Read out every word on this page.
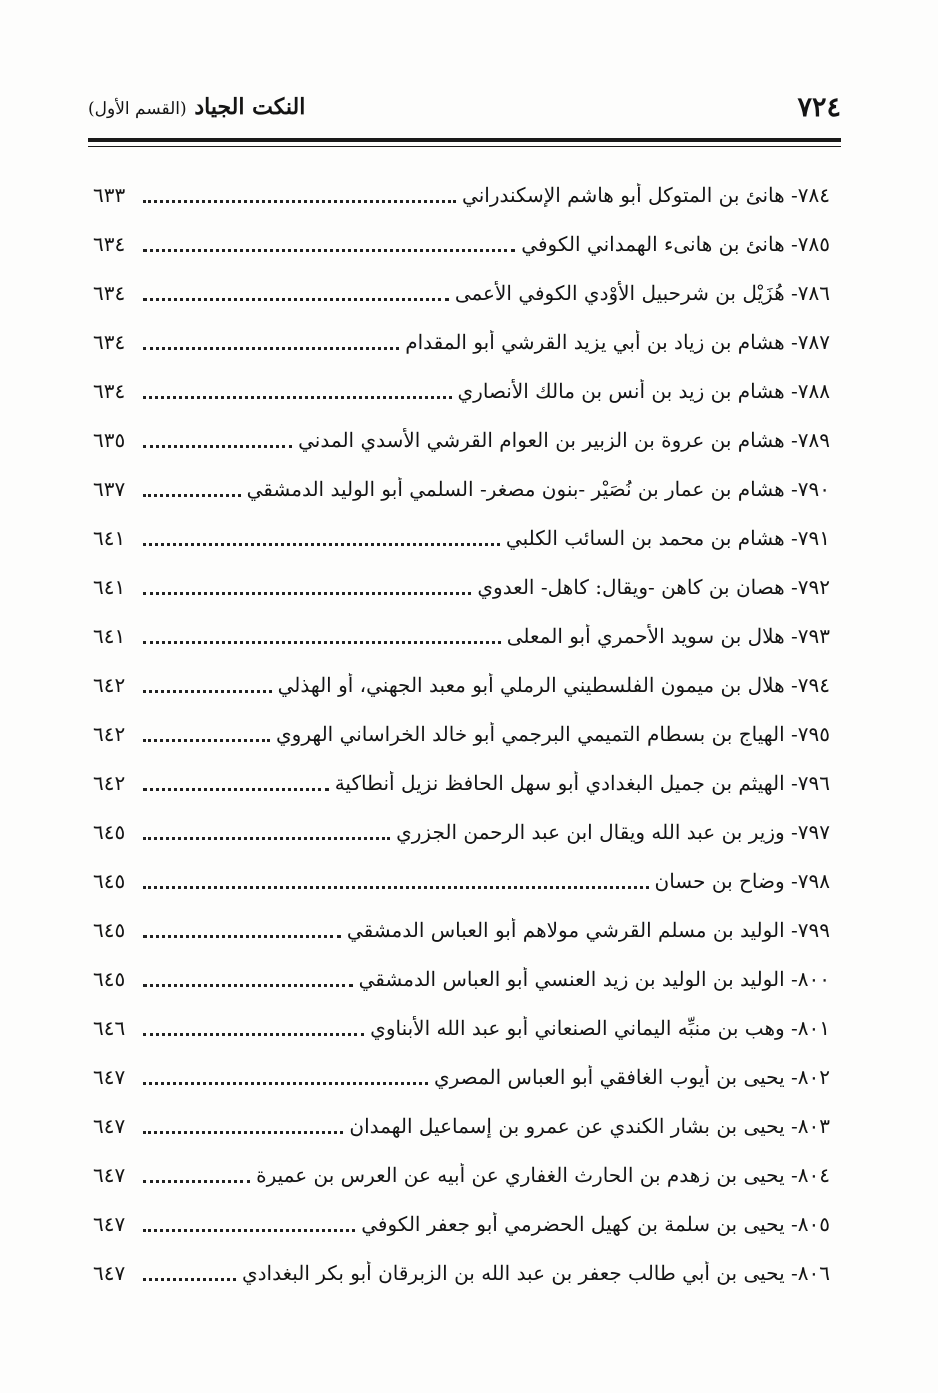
٧٢٤
النكت الجياد (القسم الأول)
٧٨٤- هانئ بن المتوكل أبو هاشم الإسكندراني
٦٣٣
٧٨٥- هانئ بن هانىء الهمداني الكوفي
٦٣٤
٧٨٦- هُزَيْل بن شرحبيل الأَوْدي الكوفي الأعمى
٦٣٤
٧٨٧- هشام بن زياد بن أبي يزيد القرشي أبو المقدام
٦٣٤
٧٨٨- هشام بن زيد بن أنس بن مالك الأنصاري
٦٣٤
٧٨٩- هشام بن عروة بن الزبير بن العوام القرشي الأسدي المدني
٦٣٥
٧٩٠- هشام بن عمار بن نُصَيْر -بنون مصغر- السلمي أبو الوليد الدمشقي
٦٣٧
٧٩١- هشام بن محمد بن السائب الكلبي
٦٤١
٧٩٢- هصان بن كاهن -ويقال: كاهل- العدوي
٦٤١
٧٩٣- هلال بن سويد الأحمري أبو المعلى
٦٤١
٧٩٤- هلال بن ميمون الفلسطيني الرملي أبو معبد الجهني، أو الهذلي
٦٤٢
٧٩٥- الهياج بن بسطام التميمي البرجمي أبو خالد الخراساني الهروي
٦٤٢
٧٩٦- الهيثم بن جميل البغدادي أبو سهل الحافظ نزيل أنطاكية
٦٤٢
٧٩٧- وزير بن عبد الله ويقال ابن عبد الرحمن الجزري
٦٤٥
٧٩٨- وضاح بن حسان
٦٤٥
٧٩٩- الوليد بن مسلم القرشي مولاهم أبو العباس الدمشقي
٦٤٥
٨٠٠- الوليد بن الوليد بن زيد العنسي أبو العباس الدمشقي
٦٤٥
٨٠١- وهب بن منبِّه اليماني الصنعاني أبو عبد الله الأبناوي
٦٤٦
٨٠٢- يحيى بن أيوب الغافقي أبو العباس المصري
٦٤٧
٨٠٣- يحيى بن بشار الكندي عن عمرو بن إسماعيل الهمدان
٦٤٧
٨٠٤- يحيى بن زهدم بن الحارث الغفاري عن أبيه عن العرس بن عميرة
٦٤٧
٨٠٥- يحيى بن سلمة بن كهيل الحضرمي أبو جعفر الكوفي
٦٤٧
٨٠٦- يحيى بن أبي طالب جعفر بن عبد الله بن الزبرقان أبو بكر البغدادي
٦٤٧
